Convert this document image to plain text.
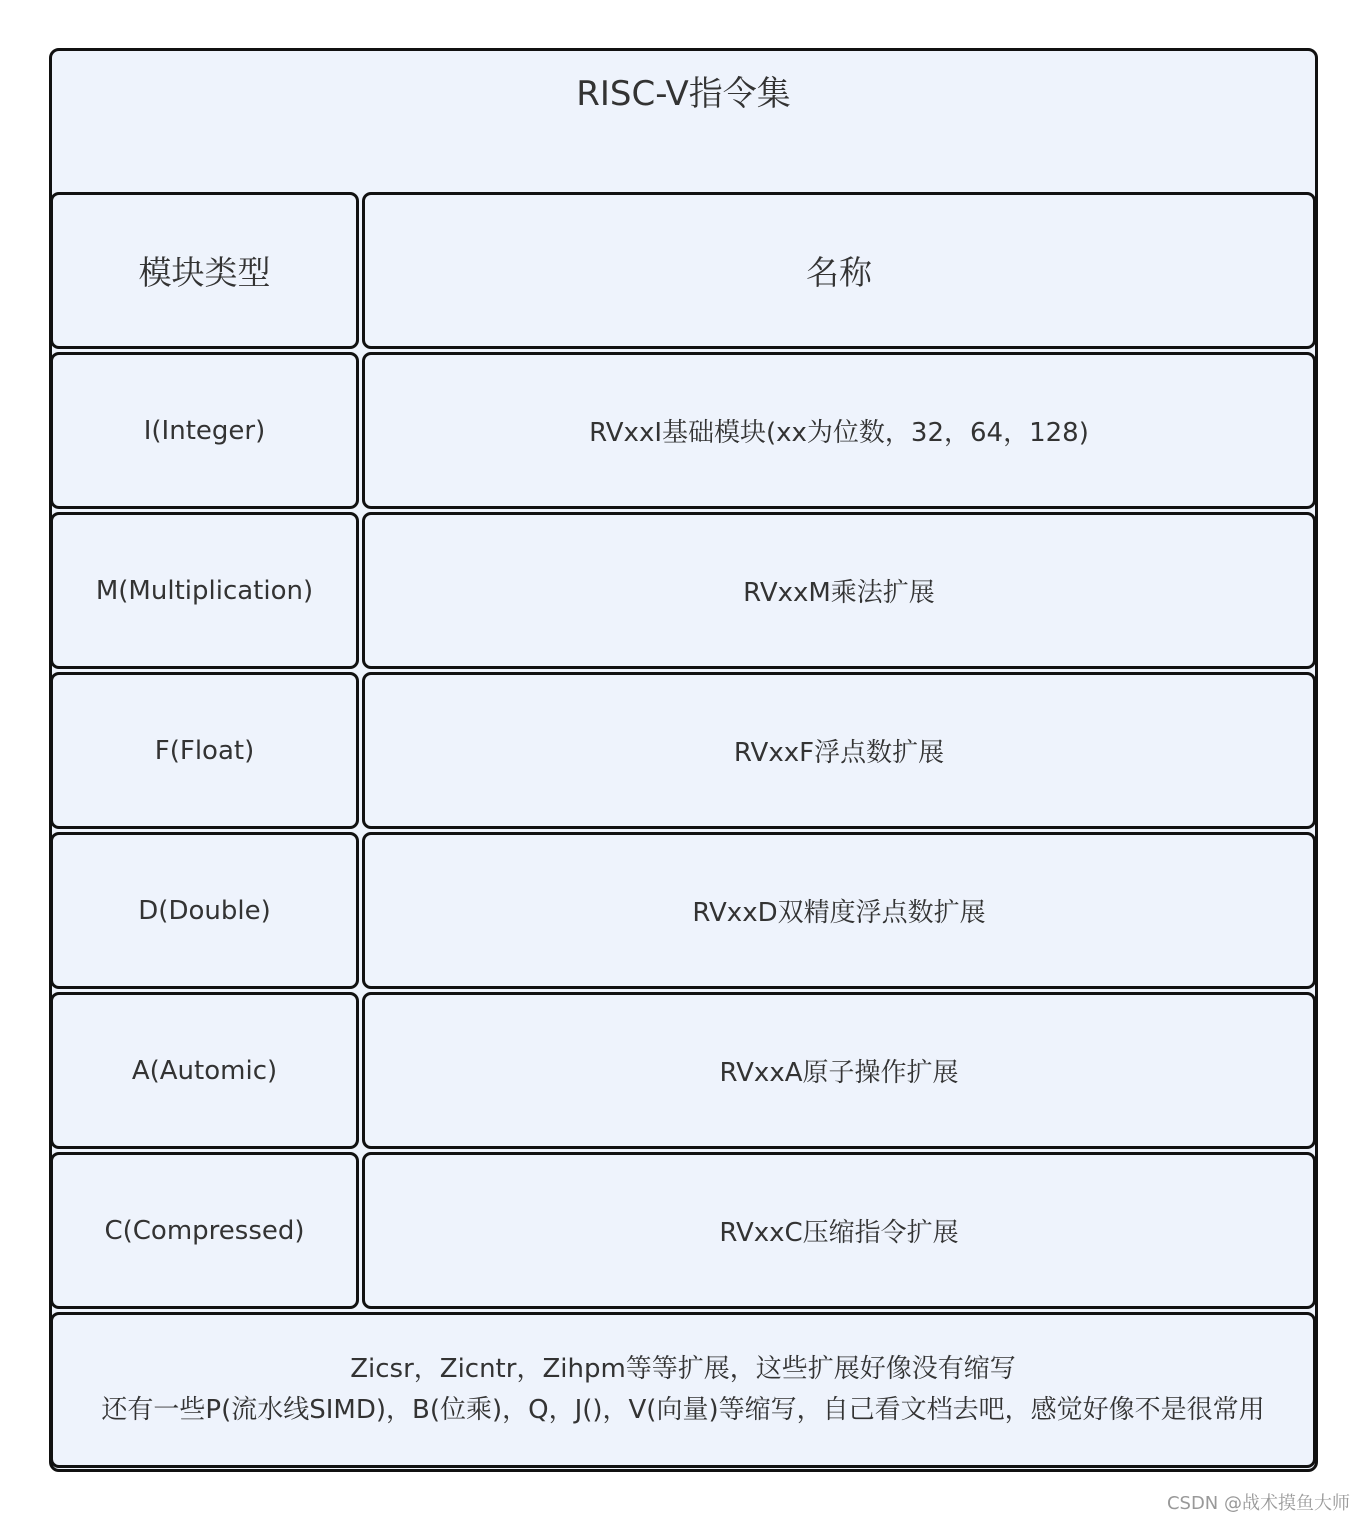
RISC-V指令集
模块类型	名称
I(Integer)	RVxxI基础模块(xx为位数，32，64，128)
M(Multiplication)	RVxxM乘法扩展
F(Float)	RVxxF浮点数扩展
D(Double)	RVxxD双精度浮点数扩展
A(Automic)	RVxxA原子操作扩展
C(Compressed)	RVxxC压缩指令扩展
Zicsr，Zicntr，Zihpm等等扩展，这些扩展好像没有缩写
还有一些P(流水线SIMD)，B(位乘)，Q，J()，V(向量)等缩写，自己看文档去吧，感觉好像不是很常用
CSDN @战术摸鱼大师
